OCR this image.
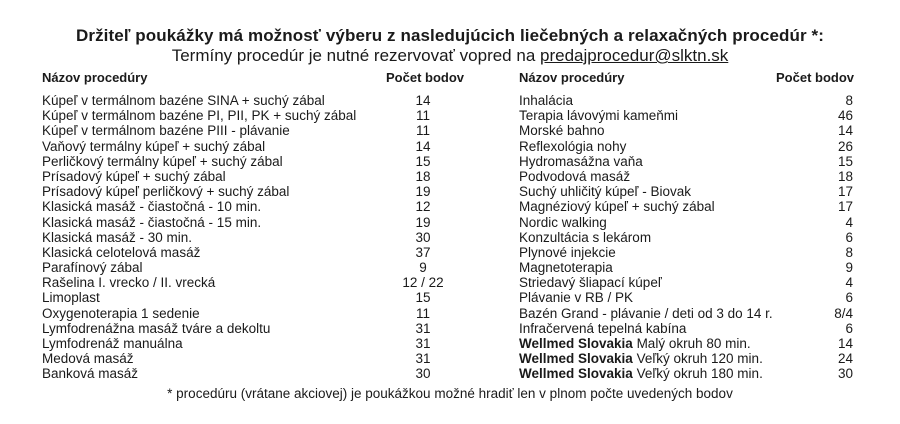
Držiteľ poukážky má možnosť výberu z nasledujúcich liečebných a relaxačných procedúr *:
Termíny procedúr je nutné rezervovať vopred na predajprocedur@slktn.sk
Názov procedúry	Počet bodov	Názov procedúry	Počet bodov
Kúpeľ v termálnom bazéne SINA + suchý zábal	14
Kúpeľ v termálnom bazéne PI, PII, PK + suchý zábal	11
Kúpeľ v termálnom bazéne PIII - plávanie	11
Vaňový termálny kúpeľ + suchý zábal	14
Perličkový termálny kúpeľ + suchý zábal	15
Prísadový kúpeľ + suchý zábal	18
Prísadový kúpeľ perličkový + suchý zábal	19
Klasická masáž - čiastočná - 10 min.	12
Klasická masáž - čiastočná - 15 min.	19
Klasická masáž - 30 min.	30
Klasická celotelová masáž	37
Parafínový zábal	9
Rašelina I. vrecko / II. vrecká	12 / 22
Limoplast	15
Oxygenoterapia 1 sedenie	11
Lymfodrenážna masáž tváre a dekoltu	31
Lymfodrenáž manuálna	31
Medová masáž	31
Banková masáž	30
Inhalácia	8
Terapia lávovými kameňmi	46
Morské bahno	14
Reflexológia nohy	26
Hydromasážna vaňa	15
Podvodová masáž	18
Suchý uhličitý kúpeľ - Biovak	17
Magnéziový kúpeľ + suchý zábal	17
Nordic walking	4
Konzultácia s lekárom	6
Plynové injekcie	8
Magnetoterapia	9
Striedavý šliapací kúpeľ	4
Plávanie v RB / PK	6
Bazén Grand - plávanie / deti od 3 do 14 r.	8/4
Infračervená tepelná kabína	6
Wellmed Slovakia Malý okruh 80 min.	14
Wellmed Slovakia Veľký okruh 120 min.	24
Wellmed Slovakia Veľký okruh 180 min.	30
* procedúru (vrátane akciovej) je poukážkou možné hradiť len v plnom počte uvedených bodov
